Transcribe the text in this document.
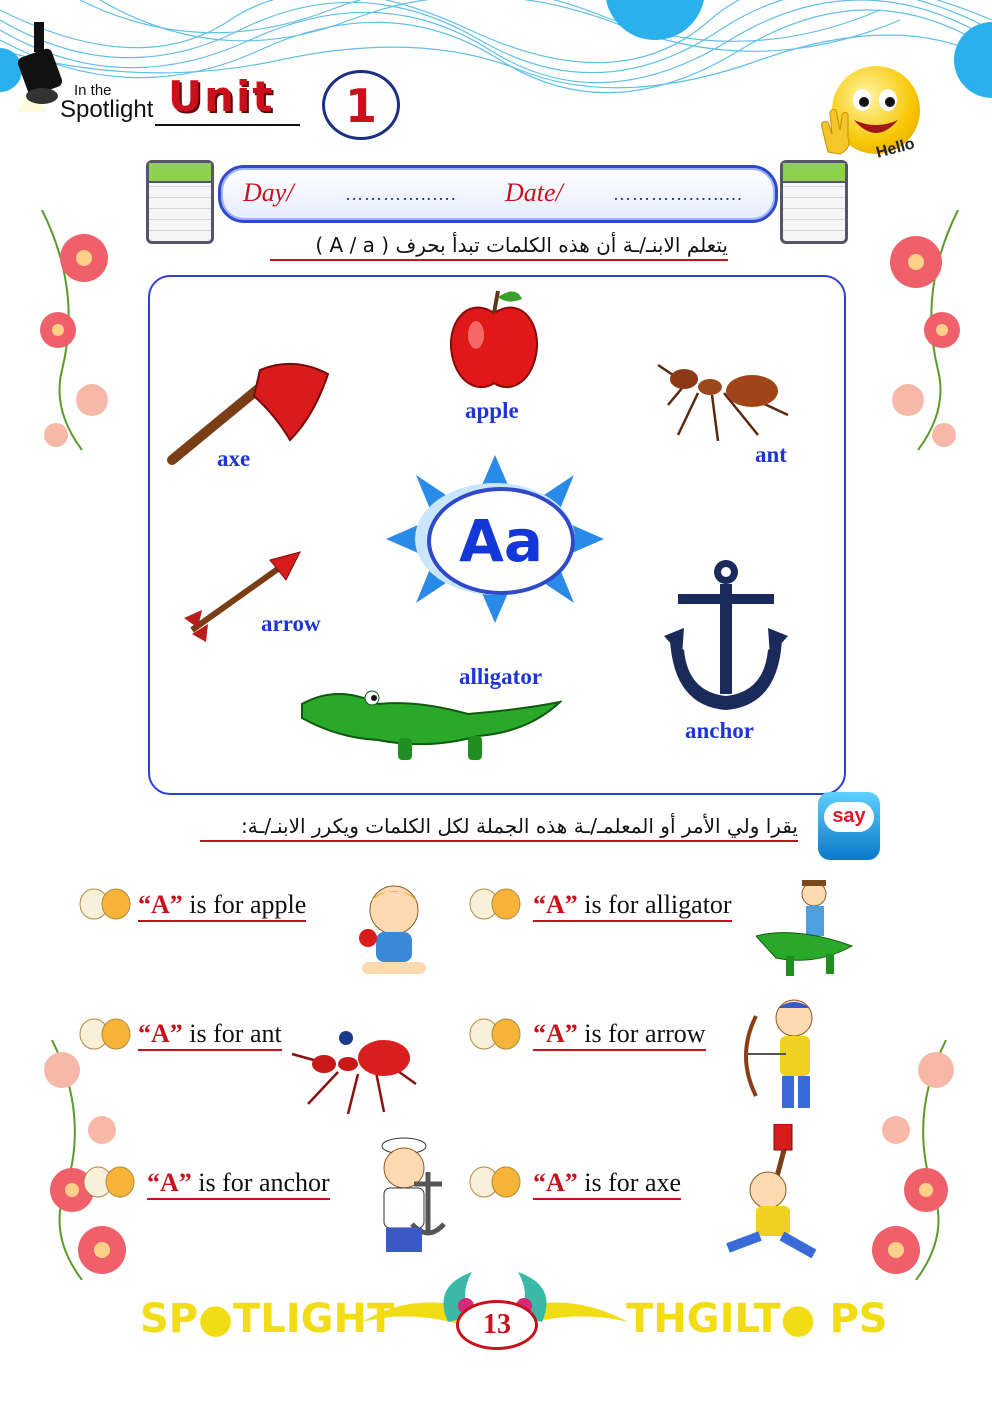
In the
Spotlight Unit	1
Hello
Day/	…………..…. Date/	………….…..…
يتعلم الابنـ/ـة أن هذه الكلمات تبدأ بحرف ( A / a )
apple
axe	ant
Aa
arrow
alligator
anchor
يقرا ولي الأمر أو المعلمـ/ـة هذه الجملة لكل الكلمات ويكرر الابنـ/ـة:	say
“A” is for apple	“A” is for alligator
“A” is for ant	“A” is for arrow
“A” is for anchor	“A” is for axe
SP●TLIGHT	13	THGILT● PS
